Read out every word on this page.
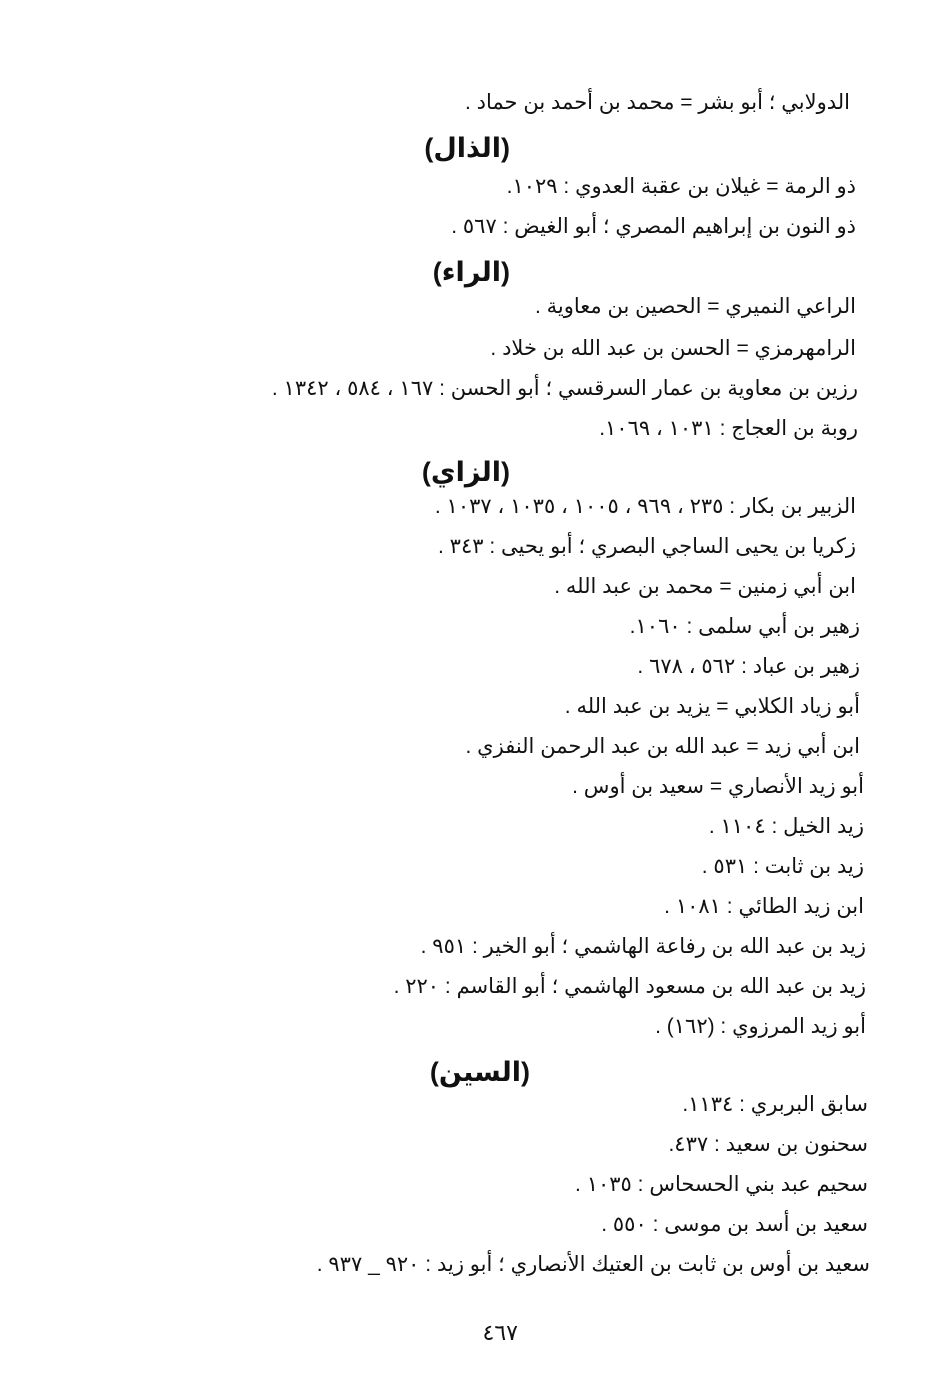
الدولابي ؛ أبو بشر = محمد بن أحمد بن حماد .
(الذال)
ذو الرمة = غيلان بن عقبة العدوي : ١٠٢٩.
ذو النون بن إبراهيم المصري ؛ أبو الغيض : ٥٦٧ .
(الراء)
الراعي النميري = الحصين بن معاوية .
الرامهرمزي = الحسن بن عبد الله بن خلاد .
رزين بن معاوية بن عمار السرقسي ؛ أبو الحسن : ١٦٧ ، ٥٨٤ ، ١٣٤٢ .
روبة بن العجاج : ١٠٣١ ، ١٠٦٩.
(الزاي)
الزبير بن بكار : ٢٣٥ ، ٩٦٩ ، ١٠٠٥ ، ١٠٣٥ ، ١٠٣٧ .
زكريا بن يحيى الساجي البصري ؛ أبو يحيى : ٣٤٣ .
ابن أبي زمنين = محمد بن عبد الله .
زهير بن أبي سلمى : ١٠٦٠.
زهير بن عباد : ٥٦٢ ، ٦٧٨ .
أبو زياد الكلابي = يزيد بن عبد الله .
ابن أبي زيد = عبد الله بن عبد الرحمن النفزي .
أبو زيد الأنصاري = سعيد بن أوس .
زيد الخيل : ١١٠٤ .
زيد بن ثابت : ٥٣١ .
ابن زيد الطائي : ١٠٨١ .
زيد بن عبد الله بن رفاعة الهاشمي ؛ أبو الخير : ٩٥١ .
زيد بن عبد الله بن مسعود الهاشمي ؛ أبو القاسم : ٢٢٠ .
أبو زيد المرزوي : (١٦٢) .
(السين)
سابق البربري : ١١٣٤.
سحنون بن سعيد : ٤٣٧.
سحيم عبد بني الحسحاس : ١٠٣٥ .
سعيد بن أسد بن موسى : ٥٥٠ .
سعيد بن أوس بن ثابت بن العتيك الأنصاري ؛ أبو زيد : ٩٢٠ _ ٩٣٧ .
٤٦٧
